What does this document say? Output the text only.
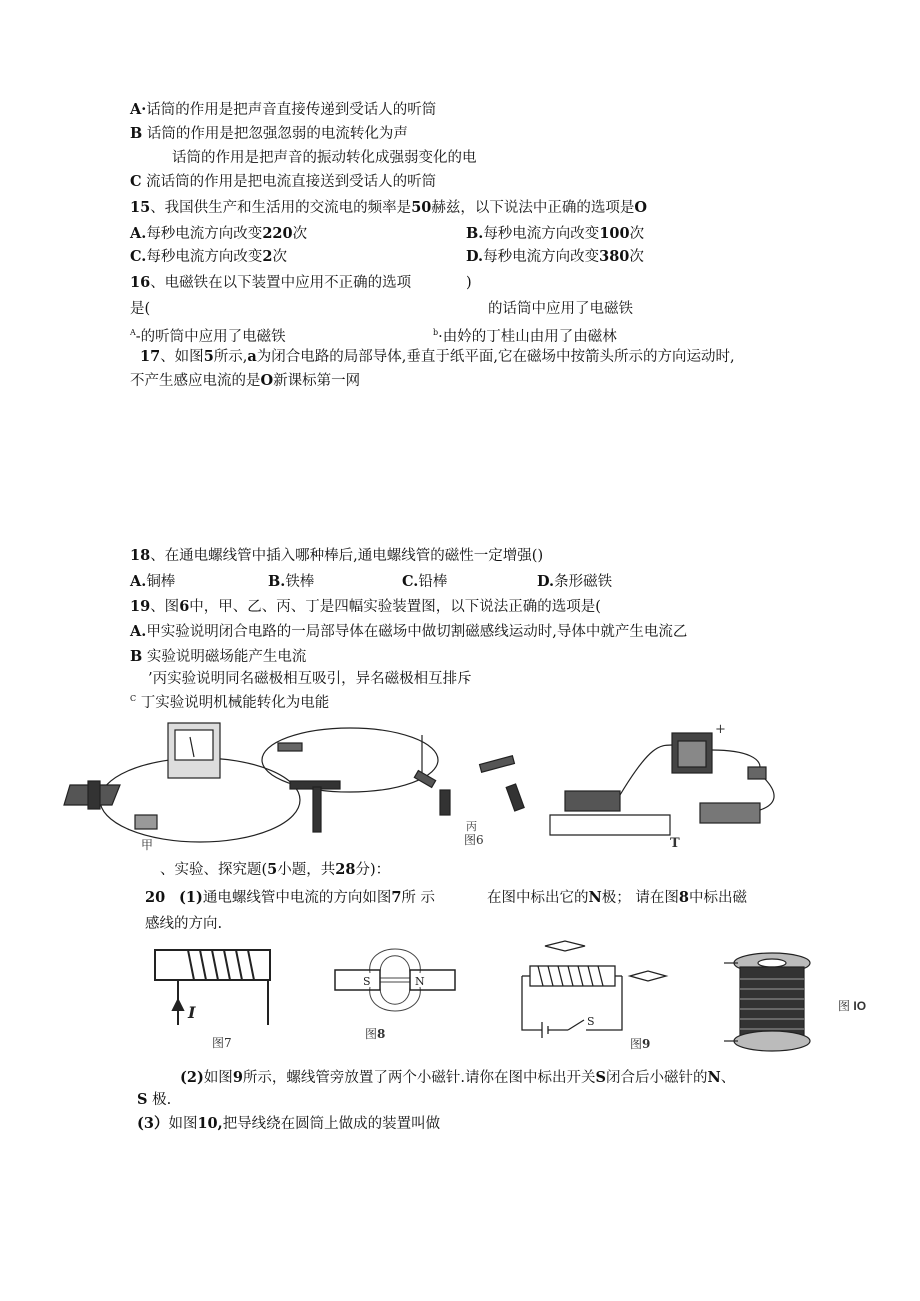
A·话筒的作用是把声音直接传递到受话人的听筒
B 话筒的作用是把忽强忽弱的电流转化为声
话筒的作用是把声音的振动转化成强弱变化的电
C 流话筒的作用是把电流直接送到受话人的听筒
15、我国供生产和生活用的交流电的频率是50赫兹，以下说法中正确的选项是O
A.每秒电流方向改变220次	B.每秒电流方向改变100次
C.每秒电流方向改变2次	D.每秒电流方向改变380次
16、电磁铁在以下装置中应用不正确的选项	)
是(	的话筒中应用了电磁铁
$^A$-的听筒中应用了电磁铁	$^b$·由妗的丁桂山由用了由磁林
17、如图5所示,a为闭合电路的局部导体,垂直于纸平面,它在磁场中按箭头所示的方向运动时,
不产生感应电流的是O新课标第一网
18、在通电螺线管中插入哪种棒后,通电螺线管的磁性一定增强()
A.铜棒	B.铁棒	C.铅棒	D.条形磁铁
19、图6中，甲、乙、丙、丁是四幅实验装置图，以下说法正确的选项是(
A.甲实验说明闭合电路的一局部导体在磁场中做切割磁感线运动时,导体中就产生电流乙
B 实验说明磁场能产生电流
’丙实验说明同名磁极相互吸引，异名磁极相互排斥
$^C$ 丁实验说明机械能转化为电能
甲
丙
图6	T
+
、实验、探究题(5小题，共28分)：
20 (1)通电螺线管中电流的方向如图7所 示	在图中标出它的N极； 请在图8中标出磁
感线的方向.
I
图7
S	N
图8
S
图9
图 IO
(2)如图9所示，螺线管旁放置了两个小磁针.请你在图中标出开关S闭合后小磁针的N、
S 极.
(3）如图10,把导线绕在圆筒上做成的装置叫做
